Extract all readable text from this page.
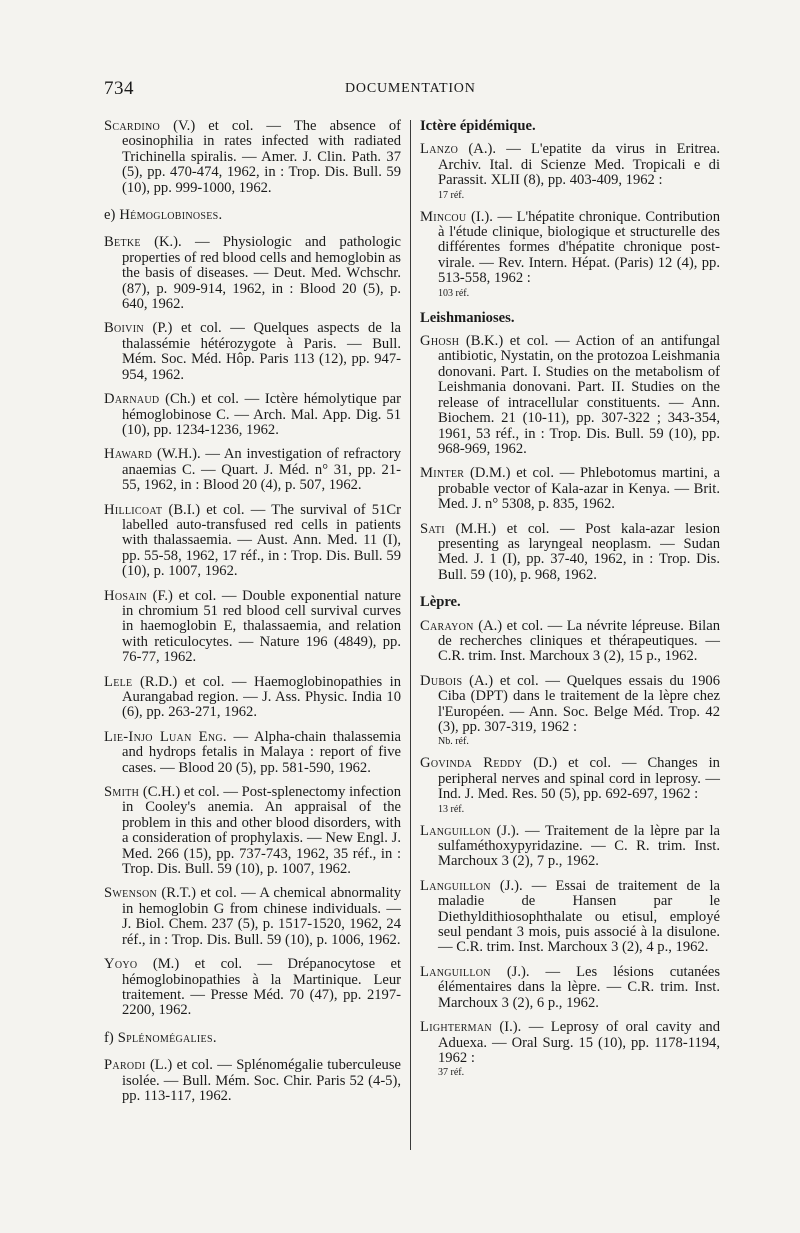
734	DOCUMENTATION
Scardino (V.) et col. — The absence of eosinophilia in rates infected with radiated Trichinella spiralis. — Amer. J. Clin. Path. 37 (5), pp. 470-474, 1962, in : Trop. Dis. Bull. 59 (10), pp. 999-1000, 1962.
e) Hémoglobinoses.
Betke (K.). — Physiologic and pathologic properties of red blood cells and hemoglobin as the basis of diseases. — Deut. Med. Wchschr. (87), p. 909-914, 1962, in : Blood 20 (5), p. 640, 1962.
Boivin (P.) et col. — Quelques aspects de la thalassémie hétérozygote à Paris. — Bull. Mém. Soc. Méd. Hôp. Paris 113 (12), pp. 947-954, 1962.
Darnaud (Ch.) et col. — Ictère hémolytique par hémoglobinose C. — Arch. Mal. App. Dig. 51 (10), pp. 1234-1236, 1962.
Haward (W.H.). — An investigation of refractory anaemias C. — Quart. J. Méd. n° 31, pp. 21-55, 1962, in : Blood 20 (4), p. 507, 1962.
Hillicoat (B.I.) et col. — The survival of 51Cr labelled auto-transfused red cells in patients with thalassaemia. — Aust. Ann. Med. 11 (I), pp. 55-58, 1962, 17 réf., in : Trop. Dis. Bull. 59 (10), p. 1007, 1962.
Hosain (F.) et col. — Double exponential nature in chromium 51 red blood cell survival curves in haemoglobin E, thalassaemia, and relation with reticulocytes. — Nature 196 (4849), pp. 76-77, 1962.
Lele (R.D.) et col. — Haemoglobinopathies in Aurangabad region. — J. Ass. Physic. India 10 (6), pp. 263-271, 1962.
Lie-Injo Luan Eng. — Alpha-chain thalassemia and hydrops fetalis in Malaya : report of five cases. — Blood 20 (5), pp. 581-590, 1962.
Smith (C.H.) et col. — Post-splenectomy infection in Cooley's anemia. An appraisal of the problem in this and other blood disorders, with a consideration of prophylaxis. — New Engl. J. Med. 266 (15), pp. 737-743, 1962, 35 réf., in : Trop. Dis. Bull. 59 (10), p. 1007, 1962.
Swenson (R.T.) et col. — A chemical abnormality in hemoglobin G from chinese individuals. — J. Biol. Chem. 237 (5), p. 1517-1520, 1962, 24 réf., in : Trop. Dis. Bull. 59 (10), p. 1006, 1962.
Yoyo (M.) et col. — Drépanocytose et hémoglobinopathies à la Martinique. Leur traitement. — Presse Méd. 70 (47), pp. 2197-2200, 1962.
f) Splénomégalies.
Parodi (L.) et col. — Splénomégalie tuberculeuse isolée. — Bull. Mém. Soc. Chir. Paris 52 (4-5), pp. 113-117, 1962.
Ictère épidémique.
Lanzo (A.). — L'epatite da virus in Eritrea. Archiv. Ital. di Scienze Med. Tropicali e di Parassit. XLII (8), pp. 403-409, 1962 :
17 réf.
Mincou (I.). — L'hépatite chronique. Contribution à l'étude clinique, biologique et structurelle des différentes formes d'hépatite chronique post-virale. — Rev. Intern. Hépat. (Paris) 12 (4), pp. 513-558, 1962 :
103 réf.
Leishmanioses.
Ghosh (B.K.) et col. — Action of an antifungal antibiotic, Nystatin, on the protozoa Leishmania donovani. Part. I. Studies on the metabolism of Leishmania donovani. Part. II. Studies on the release of intracellular constituents. — Ann. Biochem. 21 (10-11), pp. 307-322 ; 343-354, 1961, 53 réf., in : Trop. Dis. Bull. 59 (10), pp. 968-969, 1962.
Minter (D.M.) et col. — Phlebotomus martini, a probable vector of Kala-azar in Kenya. — Brit. Med. J. n° 5308, p. 835, 1962.
Sati (M.H.) et col. — Post kala-azar lesion presenting as laryngeal neoplasm. — Sudan Med. J. 1 (I), pp. 37-40, 1962, in : Trop. Dis. Bull. 59 (10), p. 968, 1962.
Lèpre.
Carayon (A.) et col. — La névrite lépreuse. Bilan de recherches cliniques et thérapeutiques. — C.R. trim. Inst. Marchoux 3 (2), 15 p., 1962.
Dubois (A.) et col. — Quelques essais du 1906 Ciba (DPT) dans le traitement de la lèpre chez l'Européen. — Ann. Soc. Belge Méd. Trop. 42 (3), pp. 307-319, 1962 :
Nb. réf.
Govinda Reddy (D.) et col. — Changes in peripheral nerves and spinal cord in leprosy. — Ind. J. Med. Res. 50 (5), pp. 692-697, 1962 :
13 réf.
Languillon (J.). — Traitement de la lèpre par la sulfaméthoxypyridazine. — C. R. trim. Inst. Marchoux 3 (2), 7 p., 1962.
Languillon (J.). — Essai de traitement de la maladie de Hansen par le Diethyldithiosophthalate ou etisul, employé seul pendant 3 mois, puis associé à la disulone. — C.R. trim. Inst. Marchoux 3 (2), 4 p., 1962.
Languillon (J.). — Les lésions cutanées élémentaires dans la lèpre. — C.R. trim. Inst. Marchoux 3 (2), 6 p., 1962.
Lighterman (I.). — Leprosy of oral cavity and Aduexa. — Oral Surg. 15 (10), pp. 1178-1194, 1962 :
37 réf.
